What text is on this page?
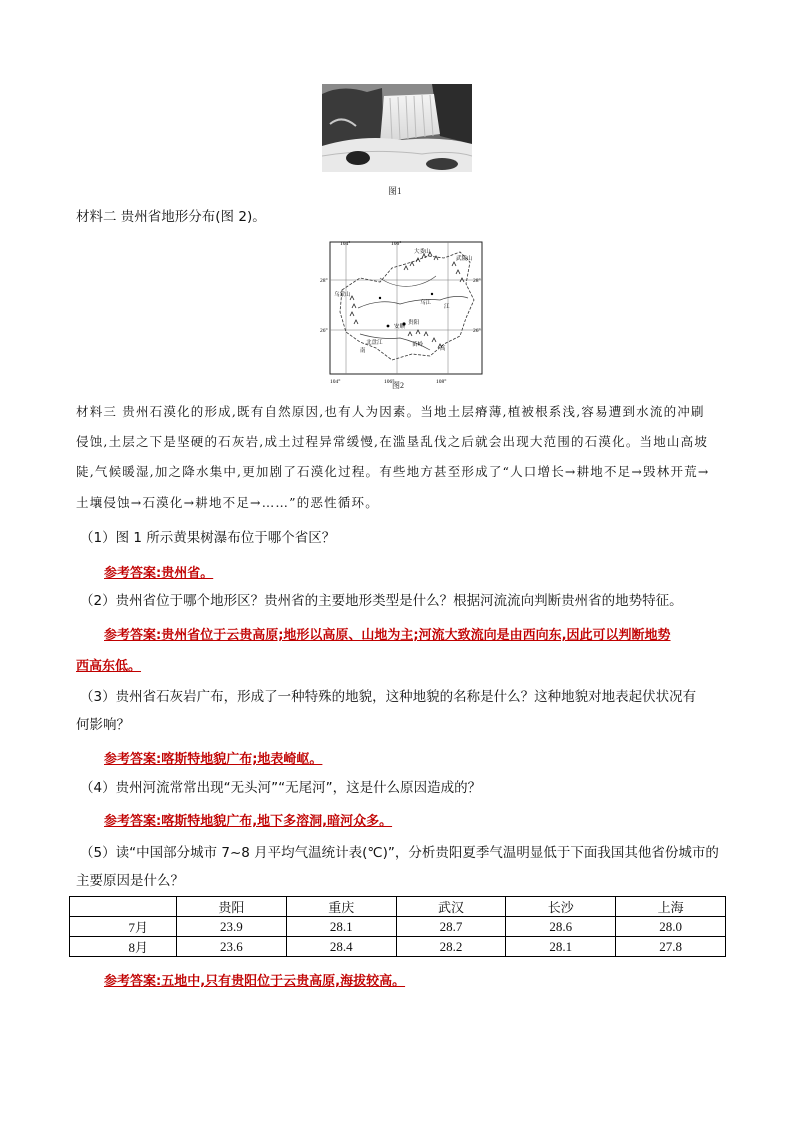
图1
材料二 贵州省地形分布(图 2)。
104°	106°
104°	106°	108°
28°
26°
28°
26°
安顺
贵阳
大娄山
乌蒙山
北盘江	苗岭
乌江
武陵山
南	高
江
图2
材料三 贵州石漠化的形成,既有自然原因,也有人为因素。当地土层瘠薄,植被根系浅,容易遭到水流的冲刷
侵蚀,土层之下是坚硬的石灰岩,成土过程异常缓慢,在滥垦乱伐之后就会出现大范围的石漠化。当地山高坡
陡,气候暖湿,加之降水集中,更加剧了石漠化过程。有些地方甚至形成了“人口增长→耕地不足→毁林开荒→
土壤侵蚀→石漠化→耕地不足→……”的恶性循环。
（1）图 1 所示黄果树瀑布位于哪个省区？
参考答案:贵州省。
（2）贵州省位于哪个地形区？贵州省的主要地形类型是什么？根据河流流向判断贵州省的地势特征。
参考答案:贵州省位于云贵高原;地形以高原、山地为主;河流大致流向是由西向东,因此可以判断地势
西高东低。
（3）贵州省石灰岩广布，形成了一种特殊的地貌，这种地貌的名称是什么？这种地貌对地表起伏状况有
何影响？
参考答案:喀斯特地貌广布;地表崎岖。
（4）贵州河流常常出现“无头河”“无尾河”，这是什么原因造成的？
参考答案:喀斯特地貌广布,地下多溶洞,暗河众多。
（5）读“中国部分城市 7~8 月平均气温统计表(℃)”，分析贵阳夏季气温明显低于下面我国其他省份城市的
主要原因是什么？
	贵阳	重庆	武汉	长沙	上海
7月	23.9	28.1	28.7	28.6	28.0
8月	23.6	28.4	28.2	28.1	27.8
参考答案:五地中,只有贵阳位于云贵高原,海拔较高。
